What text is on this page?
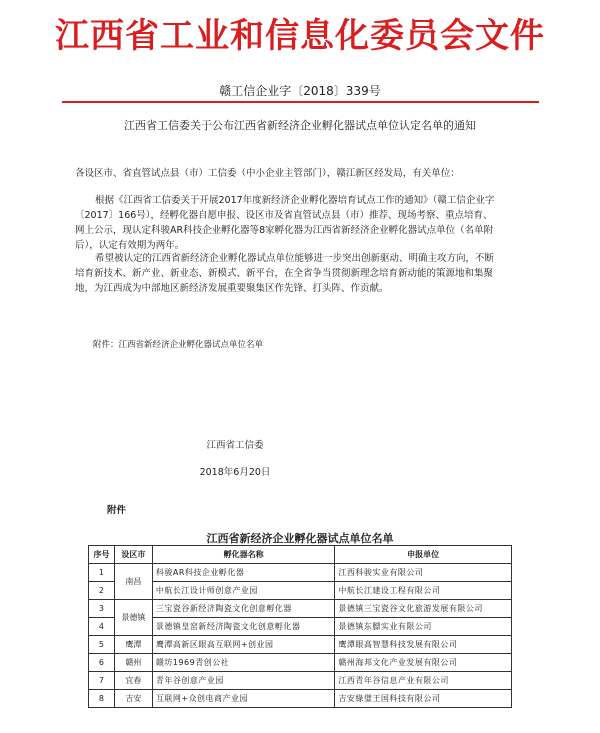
江西省工业和信息化委员会文件
赣工信企业字〔2018〕339号
江西省工信委关于公布江西省新经济企业孵化器试点单位认定名单的通知
各设区市、省直管试点县（市）工信委（中小企业主管部门），赣江新区经发局，有关单位：
根据《江西省工信委关于开展2017年度新经济企业孵化器培育试点工作的通知》（赣工信企业字〔2017〕166号），经孵化器自愿申报、设区市及省直管试点县（市）推荐、现场考察、重点培育、网上公示，现认定科骏AR科技企业孵化器等8家孵化器为江西省新经济企业孵化器试点单位（名单附后），认定有效期为两年。
希望被认定的江西省新经济企业孵化器试点单位能够进一步突出创新驱动、明确主攻方向，不断培育新技术、新产业、新业态、新模式、新平台，在全省争当贯彻新理念培育新动能的策源地和集聚地，为江西成为中部地区新经济发展重要聚集区作先锋、打头阵、作贡献。
附件：江西省新经济企业孵化器试点单位名单
江西省工信委
2018年6月20日
附件
江西省新经济企业孵化器试点单位名单
序号	设区市	孵化器名称	申报单位
1	南昌	科骏AR科技企业孵化器	江西科骏实业有限公司
2		中航长江设计师创意产业园	中航长江建设工程有限公司
3	景德镇	三宝瓷谷新经济陶瓷文化创意孵化器	景德镇三宝瓷谷文化旅游发展有限公司
4		景德镇皇窑新经济陶瓷文化创意孵化器	景德镇东膘实业有限公司
5	鹰潭	鹰潭高新区眼高互联网+创业园	鹰潭眼高智慧科技发展有限公司
6	赣州	赣坊1969青创公社	赣州海邦文化产业发展有限公司
7	宜春	青年谷创意产业园	江西青年谷信息产业有限公司
8	吉安	互联网+众创电商产业园	吉安綠璧王国科技有限公司
